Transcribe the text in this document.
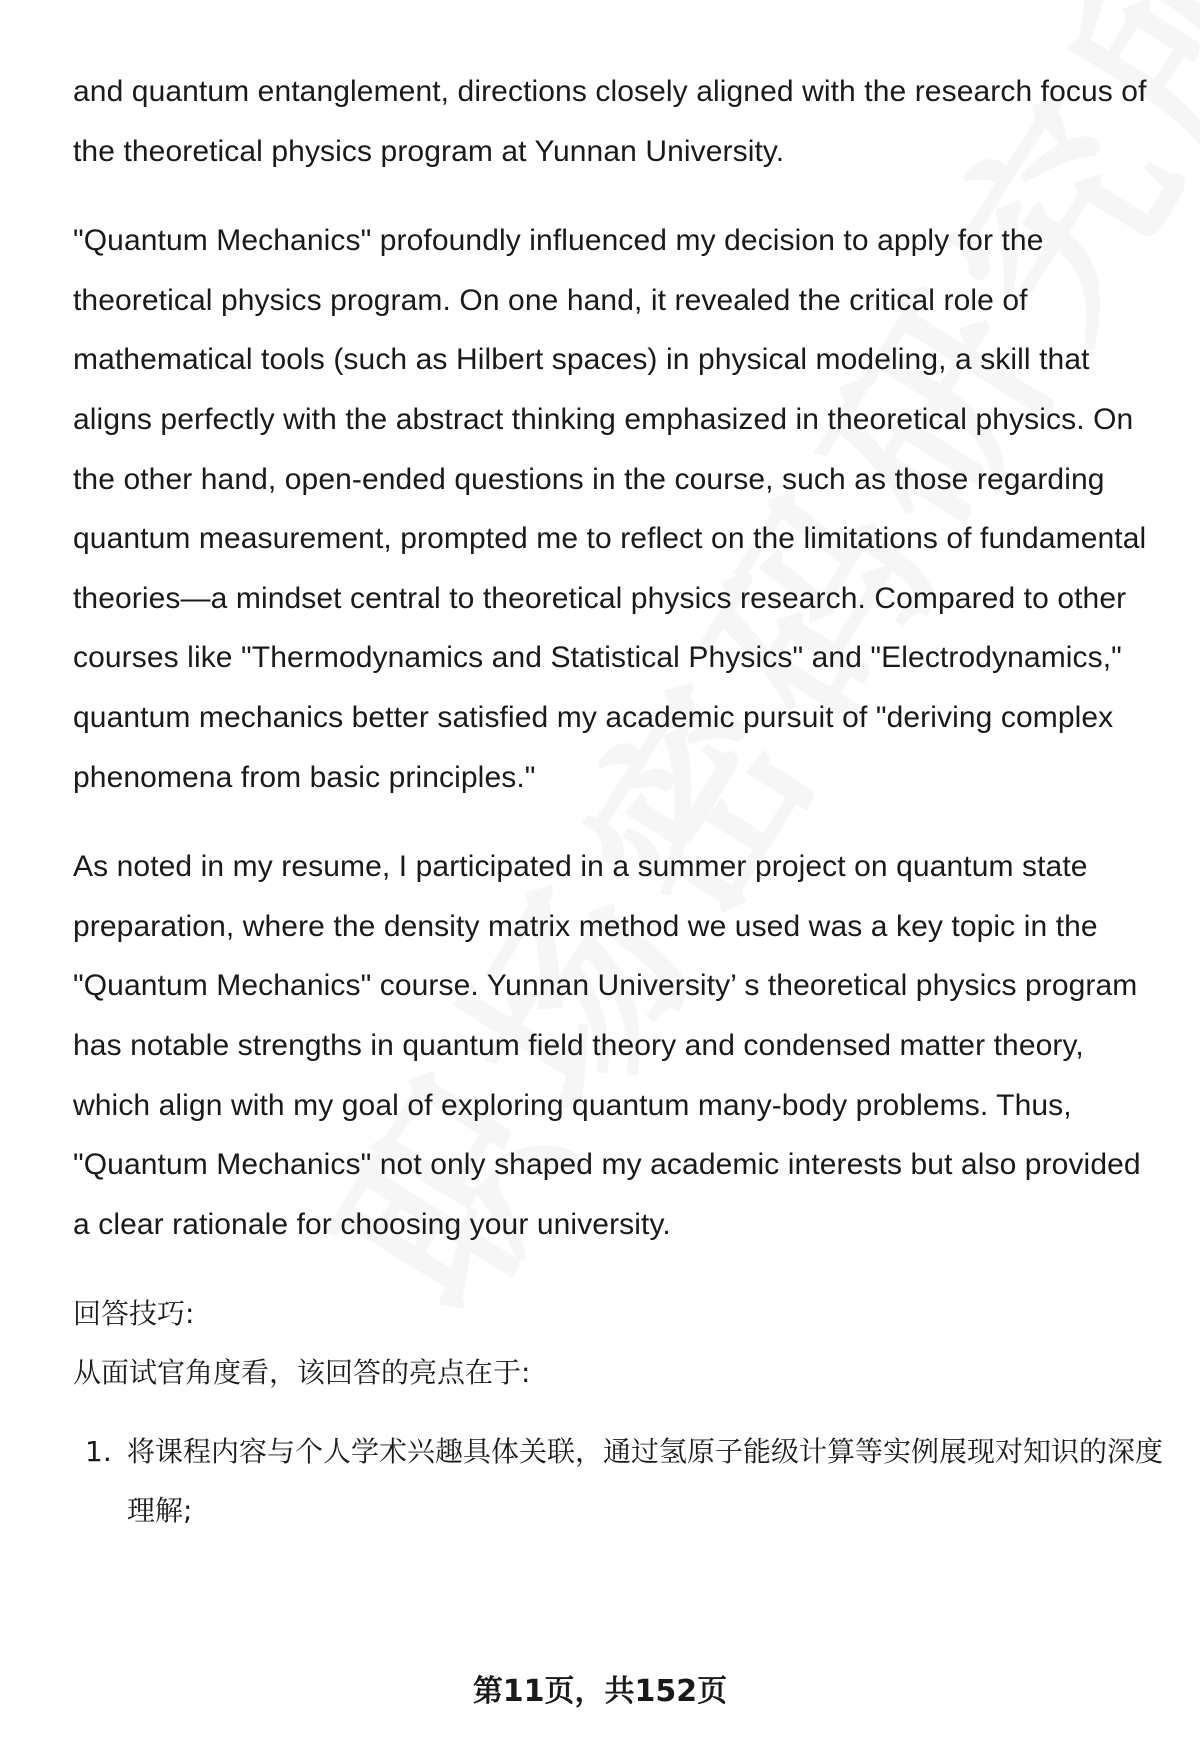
and quantum entanglement, directions closely aligned with the research focus of the theoretical physics program at Yunnan University.

"Quantum Mechanics" profoundly influenced my decision to apply for the theoretical physics program. On one hand, it revealed the critical role of mathematical tools (such as Hilbert spaces) in physical modeling, a skill that aligns perfectly with the abstract thinking emphasized in theoretical physics. On the other hand, open-ended questions in the course, such as those regarding quantum measurement, prompted me to reflect on the limitations of fundamental theories—a mindset central to theoretical physics research. Compared to other courses like "Thermodynamics and Statistical Physics" and "Electrodynamics," quantum mechanics better satisfied my academic pursuit of "deriving complex phenomena from basic principles."

As noted in my resume, I participated in a summer project on quantum state preparation, where the density matrix method we used was a key topic in the "Quantum Mechanics" course. Yunnan University’ s theoretical physics program has notable strengths in quantum field theory and condensed matter theory, which align with my goal of exploring quantum many-body problems. Thus, "Quantum Mechanics" not only shaped my academic interests but also provided a clear rationale for choosing your university.

回答技巧:

从面试官角度看，该回答的亮点在于:

1. 将课程内容与个人学术兴趣具体关联，通过氢原子能级计算等实例展现对知识的深度理解;
第11页，共152页
